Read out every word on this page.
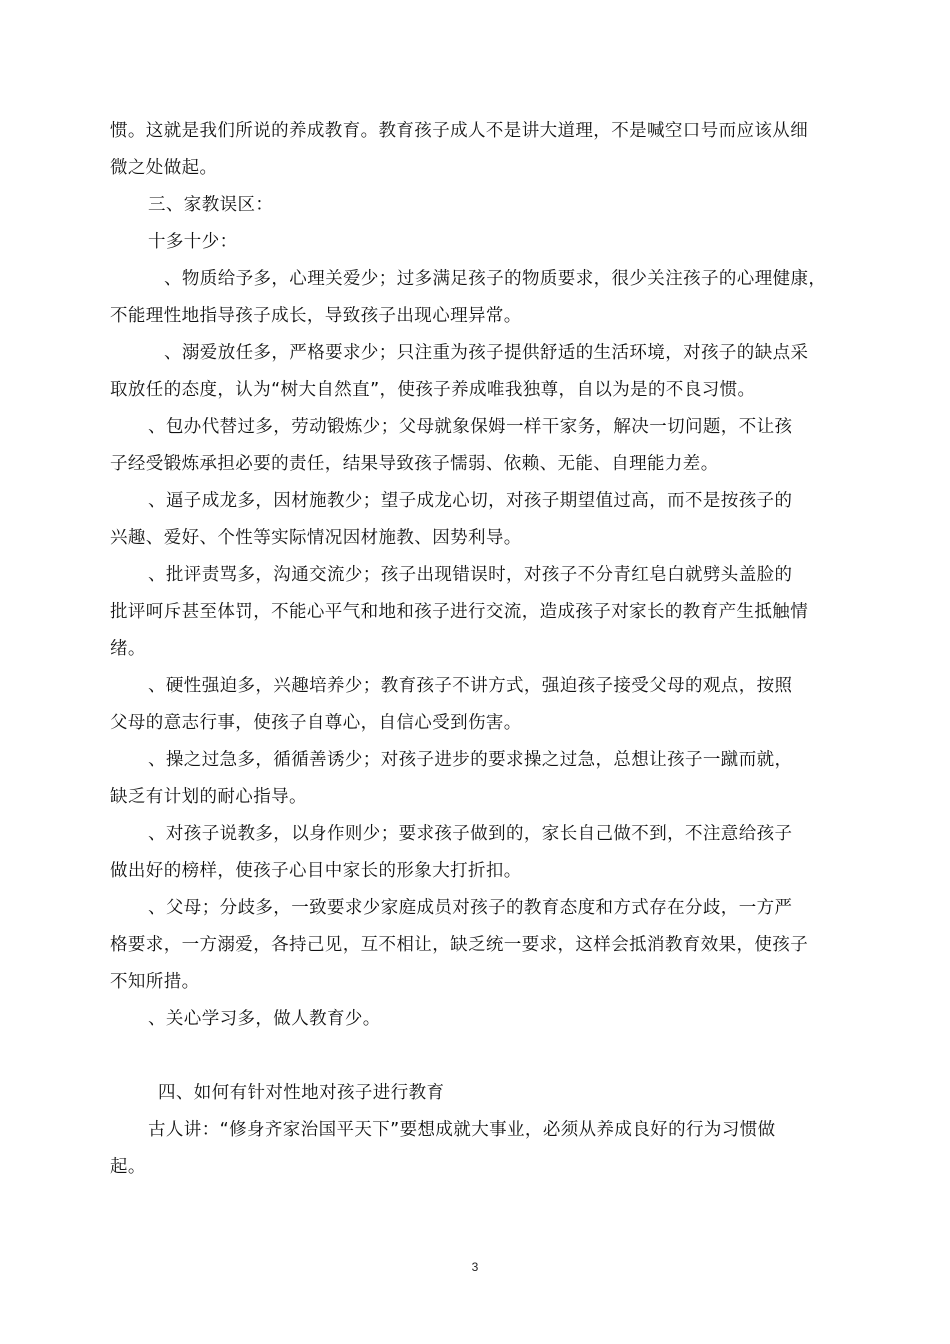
惯。这就是我们所说的养成教育。教育孩子成人不是讲大道理，不是喊空口号而应该从细
微之处做起。
三、家教误区：
十多十少：
、物质给予多，心理关爱少；过多满足孩子的物质要求，很少关注孩子的心理健康，
不能理性地指导孩子成长，导致孩子出现心理异常。
、溺爱放任多，严格要求少；只注重为孩子提供舒适的生活环境，对孩子的缺点采
取放任的态度，认为“树大自然直”，使孩子养成唯我独尊，自以为是的不良习惯。
、包办代替过多，劳动锻炼少；父母就象保姆一样干家务，解决一切问题，不让孩
子经受锻炼承担必要的责任，结果导致孩子懦弱、依赖、无能、自理能力差。
、逼子成龙多，因材施教少；望子成龙心切，对孩子期望值过高，而不是按孩子的
兴趣、爱好、个性等实际情况因材施教、因势利导。
、批评责骂多，沟通交流少；孩子出现错误时，对孩子不分青红皂白就劈头盖脸的
批评呵斥甚至体罚，不能心平气和地和孩子进行交流，造成孩子对家长的教育产生抵触情
绪。
、硬性强迫多，兴趣培养少；教育孩子不讲方式，强迫孩子接受父母的观点，按照
父母的意志行事，使孩子自尊心，自信心受到伤害。
、操之过急多，循循善诱少；对孩子进步的要求操之过急，总想让孩子一蹴而就，
缺乏有计划的耐心指导。
、对孩子说教多，以身作则少；要求孩子做到的，家长自己做不到，不注意给孩子
做出好的榜样，使孩子心目中家长的形象大打折扣。
、父母；分歧多，一致要求少家庭成员对孩子的教育态度和方式存在分歧，一方严
格要求，一方溺爱，各持己见，互不相让，缺乏统一要求，这样会抵消教育效果，使孩子
不知所措。
、关心学习多，做人教育少。
四、如何有针对性地对孩子进行教育
古人讲：“修身齐家治国平天下”要想成就大事业，必须从养成良好的行为习惯做
起。
3
